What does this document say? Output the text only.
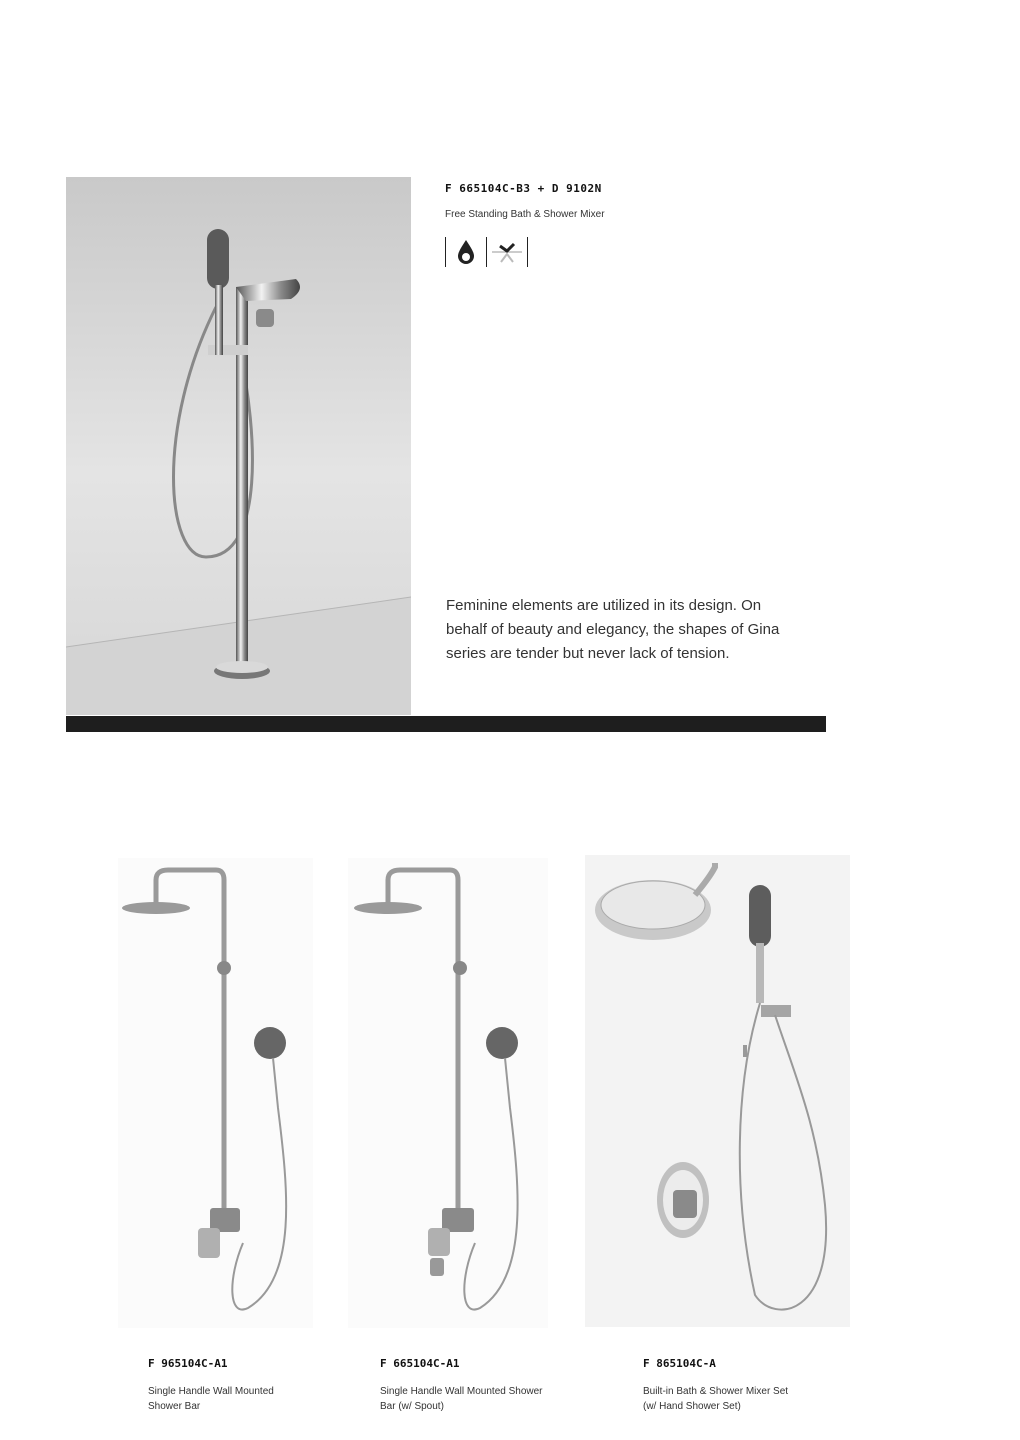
F 665104C-B3 + D 9102N
Free Standing Bath & Shower Mixer
Feminine elements are utilized in its design. On behalf of beauty and elegancy, the shapes of Gina series are tender but never lack of tension.
F 965104C-A1
Single Handle Wall Mounted
Shower Bar
F 665104C-A1
Single Handle Wall Mounted Shower
Bar (w/ Spout)
F 865104C-A
Built-in Bath & Shower Mixer Set
(w/ Hand Shower Set)
